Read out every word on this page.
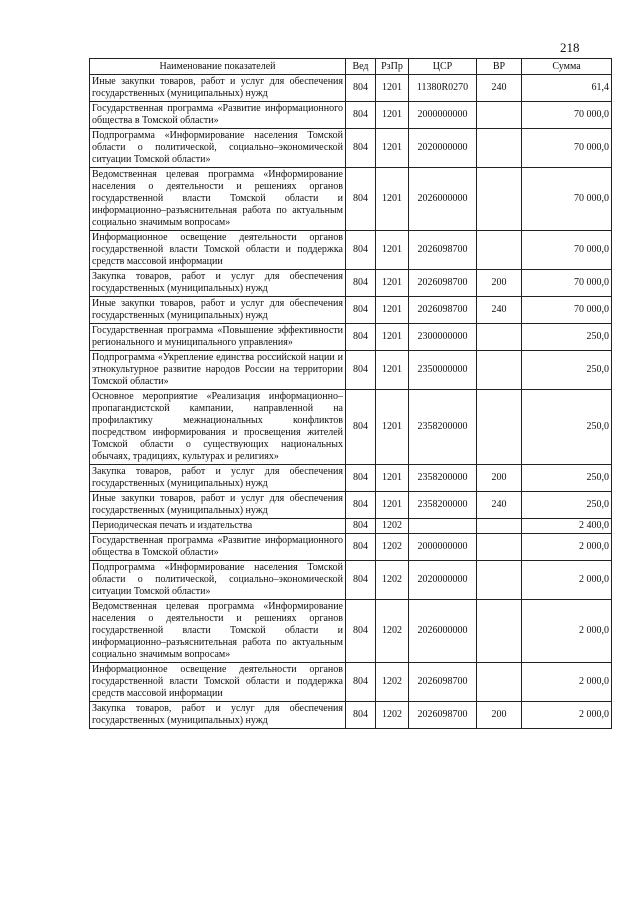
218
Наименование показателей	Вед	РзПр	ЦСР	ВР	Сумма
Иные закупки товаров, работ и услуг для обеспечения государственных (муниципальных) нужд	804	1201	11380R0270	240	61,4
Государственная программа «Развитие информационного общества в Томской области»	804	1201	2000000000		70 000,0
Подпрограмма «Информирование населения Томской области о политической, социально–экономической ситуации Томской области»	804	1201	2020000000		70 000,0
Ведомственная целевая программа «Информирование населения о деятельности и решениях органов государственной власти Томской области и информационно–разъяснительная работа по актуальным социально значимым вопросам»	804	1201	2026000000		70 000,0
Информационное освещение деятельности органов государственной власти Томской области и поддержка средств массовой информации	804	1201	2026098700		70 000,0
Закупка товаров, работ и услуг для обеспечения государственных (муниципальных) нужд	804	1201	2026098700	200	70 000,0
Иные закупки товаров, работ и услуг для обеспечения государственных (муниципальных) нужд	804	1201	2026098700	240	70 000,0
Государственная программа «Повышение эффективности регионального и муниципального управления»	804	1201	2300000000		250,0
Подпрограмма «Укрепление единства российской нации и этнокультурное развитие народов России на территории Томской области»	804	1201	2350000000		250,0
Основное мероприятие «Реализация информационно–пропагандистской кампании, направленной на профилактику межнациональных конфликтов посредством информирования и просвещения жителей Томской области о существующих национальных обычаях, традициях, культурах и религиях»	804	1201	2358200000		250,0
Закупка товаров, работ и услуг для обеспечения государственных (муниципальных) нужд	804	1201	2358200000	200	250,0
Иные закупки товаров, работ и услуг для обеспечения государственных (муниципальных) нужд	804	1201	2358200000	240	250,0
Периодическая печать и издательства	804	1202			2 400,0
Государственная программа «Развитие информационного общества в Томской области»	804	1202	2000000000		2 000,0
Подпрограмма «Информирование населения Томской области о политической, социально–экономической ситуации Томской области»	804	1202	2020000000		2 000,0
Ведомственная целевая программа «Информирование населения о деятельности и решениях органов государственной власти Томской области и информационно–разъяснительная работа по актуальным социально значимым вопросам»	804	1202	2026000000		2 000,0
Информационное освещение деятельности органов государственной власти Томской области и поддержка средств массовой информации	804	1202	2026098700		2 000,0
Закупка товаров, работ и услуг для обеспечения государственных (муниципальных) нужд	804	1202	2026098700	200	2 000,0
